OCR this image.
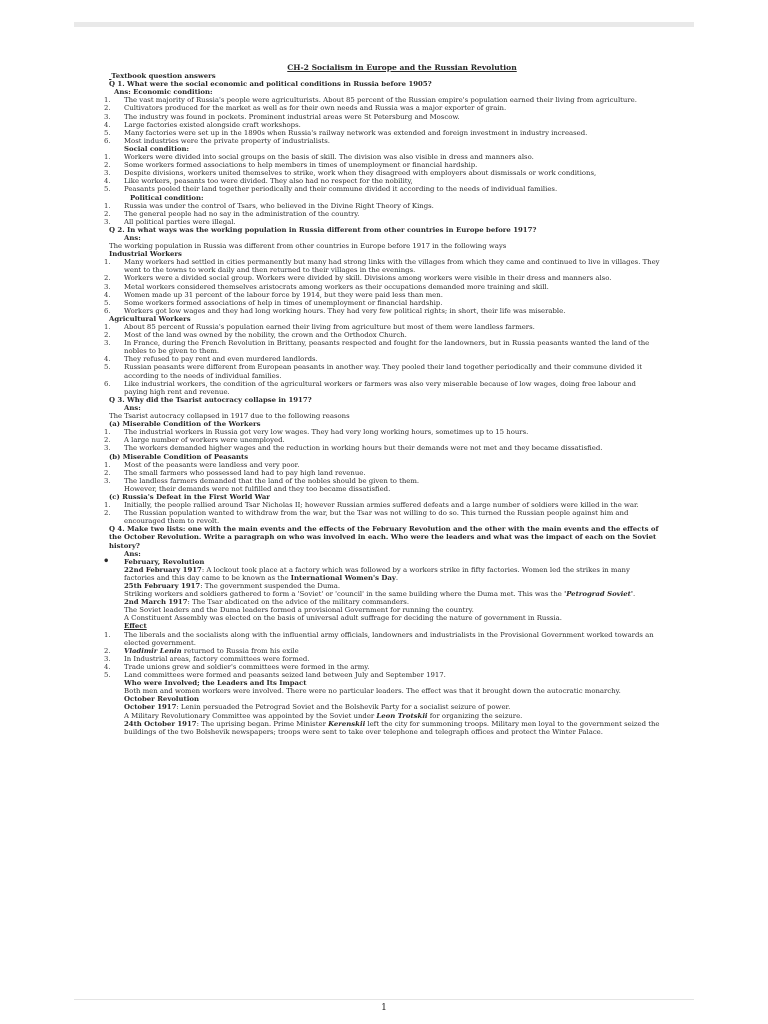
CH-2 Socialism in Europe and the Russian Revolution
Textbook question answers
Q 1. What were the social economic and political conditions in Russia before 1905?
Ans: Economic condition:
1.	The vast majority of Russia's people were agriculturists. About 85 percent of the Russian empire's population earned their living from agriculture.
2.	Cultivators produced for the market as well as for their own needs and Russia was a major exporter of grain.
3.	The industry was found in pockets. Prominent industrial areas were St Petersburg and Moscow.
4.	Large factories existed alongside craft workshops.
5.	Many factories were set up in the 1890s when Russia's railway network was extended and foreign investment in industry increased.
6.	Most industries were the private property of industrialists.
Social condition:
1.	Workers were divided into social groups on the basis of skill. The division was also visible in dress and manners also.
2.	Some workers formed associations to help members in times of unemployment or financial hardship.
3.	Despite divisions, workers united themselves to strike, work when they disagreed with employers about dismissals or work conditions,
4.	Like workers, peasants too were divided. They also had no respect for the nobility,
5.	Peasants pooled their land together periodically and their commune divided it according to the needs of individual families.
Political condition:
1.	Russia was under the control of Tsars, who believed in the Divine Right Theory of Kings.
2.	The general people had no say in the administration of the country.
3.	All political parties were illegal.
Q 2. In what ways was the working population in Russia different from other countries in Europe before 1917?
Ans:
The working population in Russia was different from other countries in Europe before 1917 in the following ways
Industrial Workers
1.	Many workers had settled in cities permanently but many had strong links with the villages from which they came and continued to live in villages. They went to the towns to work daily and then returned to their villages in the evenings.
2.	Workers were a divided social group. Workers were divided by skill. Divisions among workers were visible in their dress and manners also.
3.	Metal workers considered themselves aristocrats among workers as their occupations demanded more training and skill.
4.	Women made up 31 percent of the labour force by 1914, but they were paid less than men.
5.	Some workers formed associations of help in times of unemployment or financial hardship.
6.	Workers got low wages and they had long working hours. They had very few political rights; in short, their life was miserable.
Agricultural Workers
1.	About 85 percent of Russia's population earned their living from agriculture but most of them were landless farmers.
2.	Most of the land was owned by the nobility, the crown and the Orthodox Church.
3.	In France, during the French Revolution in Brittany, peasants respected and fought for the landowners, but in Russia peasants wanted the land of the nobles to be given to them.
4.	They refused to pay rent and even murdered landlords.
5.	Russian peasants were different from European peasants in another way. They pooled their land together periodically and their commune divided it according to the needs of individual families.
6.	Like industrial workers, the condition of the agricultural workers or farmers was also very miserable because of low wages, doing free labour and paying high rent and revenue.
Q 3. Why did the Tsarist autocracy collapse in 1917?
Ans:
The Tsarist autocracy collapsed in 1917 due to the following reasons
(a) Miserable Condition of the Workers
1.	The industrial workers in Russia got very low wages. They had very long working hours, sometimes up to 15 hours.
2.	A large number of workers were unemployed.
3.	The workers demanded higher wages and the reduction in working hours but their demands were not met and they became dissatisfied.
(b) Miserable Condition of Peasants
1.	Most of the peasants were landless and very poor.
2.	The small farmers who possessed land had to pay high land revenue.
3.	The landless farmers demanded that the land of the nobles should be given to them.
However, their demands were not fulfilled and they too became dissatisfied.
(c) Russia's Defeat in the First World War
1.	Initially, the people rallied around Tsar Nicholas II; however Russian armies suffered defeats and a large number of soldiers were killed in the war.
2.	The Russian population wanted to withdraw from the war, but the Tsar was not willing to do so. This turned the Russian people against him and encouraged them to revolt.
Q 4. Make two lists: one with the main events and the effects of the February Revolution and the other with the main events and the effects of the October Revolution. Write a paragraph on who was involved in each. Who were the leaders and what was the impact of each on the Soviet history?
Ans:
• February, Revolution
22nd February 1917: A lockout took place at a factory which was followed by a workers strike in fifty factories. Women led the strikes in many factories and this day came to be known as the International Women's Day.
25th February 1917: The government suspended the Duma.
Striking workers and soldiers gathered to form a 'Soviet' or 'council' in the same building where the Duma met. This was the 'Petrograd Soviet'.
2nd March 1917: The Tsar abdicated on the advice of the military commanders.
The Soviet leaders and the Duma leaders formed a provisional Government for running the country.
A Constituent Assembly was elected on the basis of universal adult suffrage for deciding the nature of government in Russia.
Effect
1.	The liberals and the socialists along with the influential army officials, landowners and industrialists in the Provisional Government worked towards an elected government.
2.	Vladimir Lenin returned to Russia from his exile
3.	In Industrial areas, factory committees were formed.
4.	Trade unions grew and soldier's committees were formed in the army.
5.	Land committees were formed and peasants seized land between July and September 1917.
Who were Involved; the Leaders and Its Impact
Both men and women workers were involved. There were no particular leaders. The effect was that it brought down the autocratic monarchy.
October Revolution
October 1917: Lenin persuaded the Petrograd Soviet and the Bolshevik Party for a socialist seizure of power.
A Military Revolutionary Committee was appointed by the Soviet under Leon Trotskii for organizing the seizure.
24th October 1917: The uprising began. Prime Minister Kerenskii left the city for summoning troops. Military men loyal to the government seized the buildings of the two Bolshevik newspapers; troops were sent to take over telephone and telegraph offices and protect the Winter Palace.
1
